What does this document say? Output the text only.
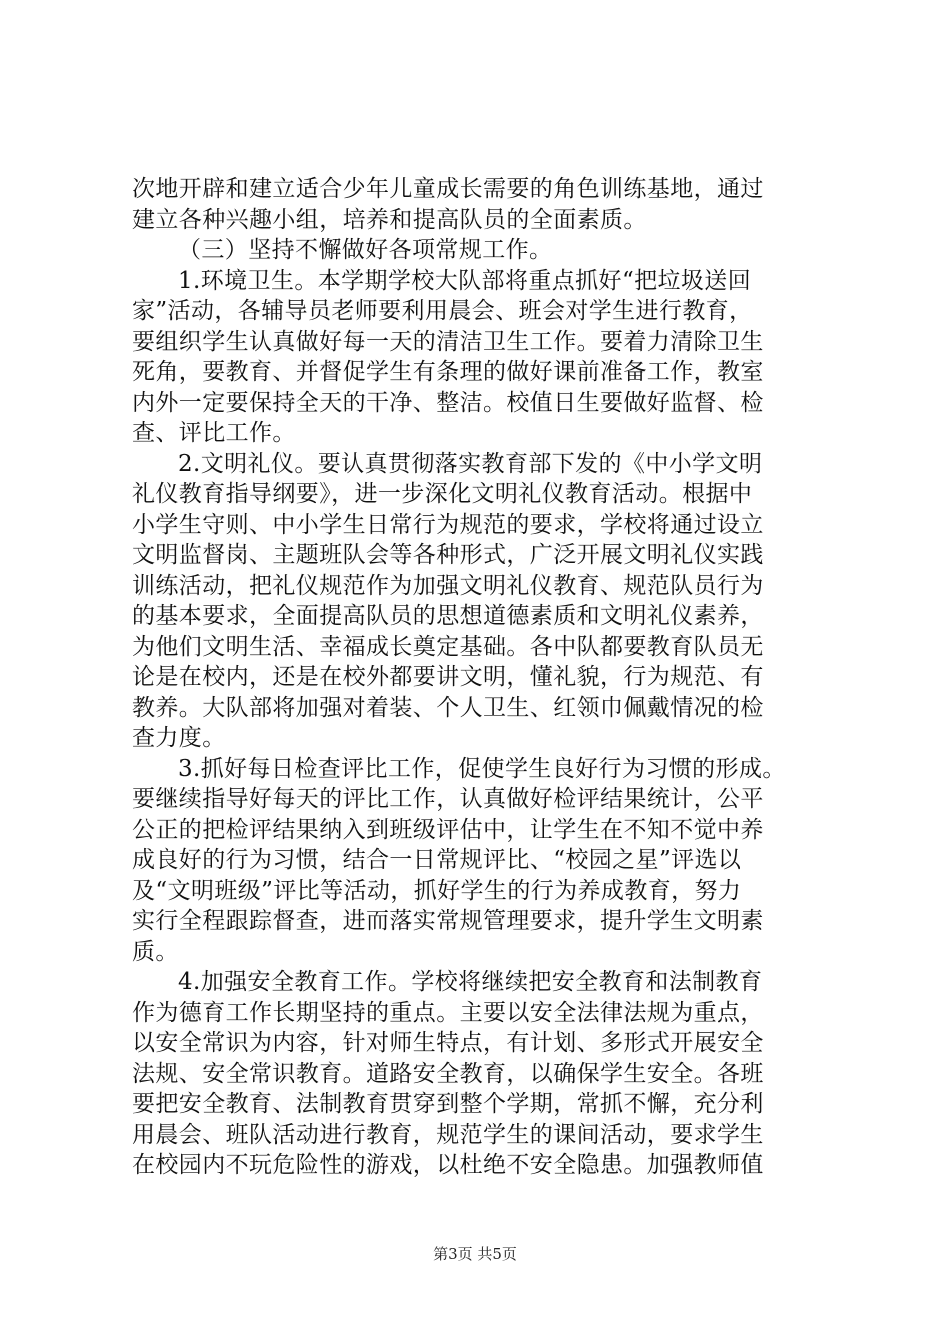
次地开辟和建立适合少年儿童成长需要的角色训练基地，通过
建立各种兴趣小组，培养和提高队员的全面素质。
（三）坚持不懈做好各项常规工作。
1.环境卫生。本学期学校大队部将重点抓好“把垃圾送回
家”活动，各辅导员老师要利用晨会、班会对学生进行教育，
要组织学生认真做好每一天的清洁卫生工作。要着力清除卫生
死角，要教育、并督促学生有条理的做好课前准备工作，教室
内外一定要保持全天的干净、整洁。校值日生要做好监督、检
查、评比工作。
2.文明礼仪。要认真贯彻落实教育部下发的《中小学文明
礼仪教育指导纲要》，进一步深化文明礼仪教育活动。根据中
小学生守则、中小学生日常行为规范的要求，学校将通过设立
文明监督岗、主题班队会等各种形式，广泛开展文明礼仪实践
训练活动，把礼仪规范作为加强文明礼仪教育、规范队员行为
的基本要求，全面提高队员的思想道德素质和文明礼仪素养，
为他们文明生活、幸福成长奠定基础。各中队都要教育队员无
论是在校内，还是在校外都要讲文明，懂礼貌，行为规范、有
教养。大队部将加强对着装、个人卫生、红领巾佩戴情况的检
查力度。
3.抓好每日检查评比工作，促使学生良好行为习惯的形成。
要继续指导好每天的评比工作，认真做好检评结果统计，公平
公正的把检评结果纳入到班级评估中，让学生在不知不觉中养
成良好的行为习惯，结合一日常规评比、“校园之星”评选以
及“文明班级”评比等活动，抓好学生的行为养成教育，努力
实行全程跟踪督查，进而落实常规管理要求，提升学生文明素
质。
4.加强安全教育工作。学校将继续把安全教育和法制教育
作为德育工作长期坚持的重点。主要以安全法律法规为重点，
以安全常识为内容，针对师生特点，有计划、多形式开展安全
法规、安全常识教育。道路安全教育，以确保学生安全。各班
要把安全教育、法制教育贯穿到整个学期，常抓不懈，充分利
用晨会、班队活动进行教育，规范学生的课间活动，要求学生
在校园内不玩危险性的游戏，以杜绝不安全隐患。加强教师值
第3页 共5页
